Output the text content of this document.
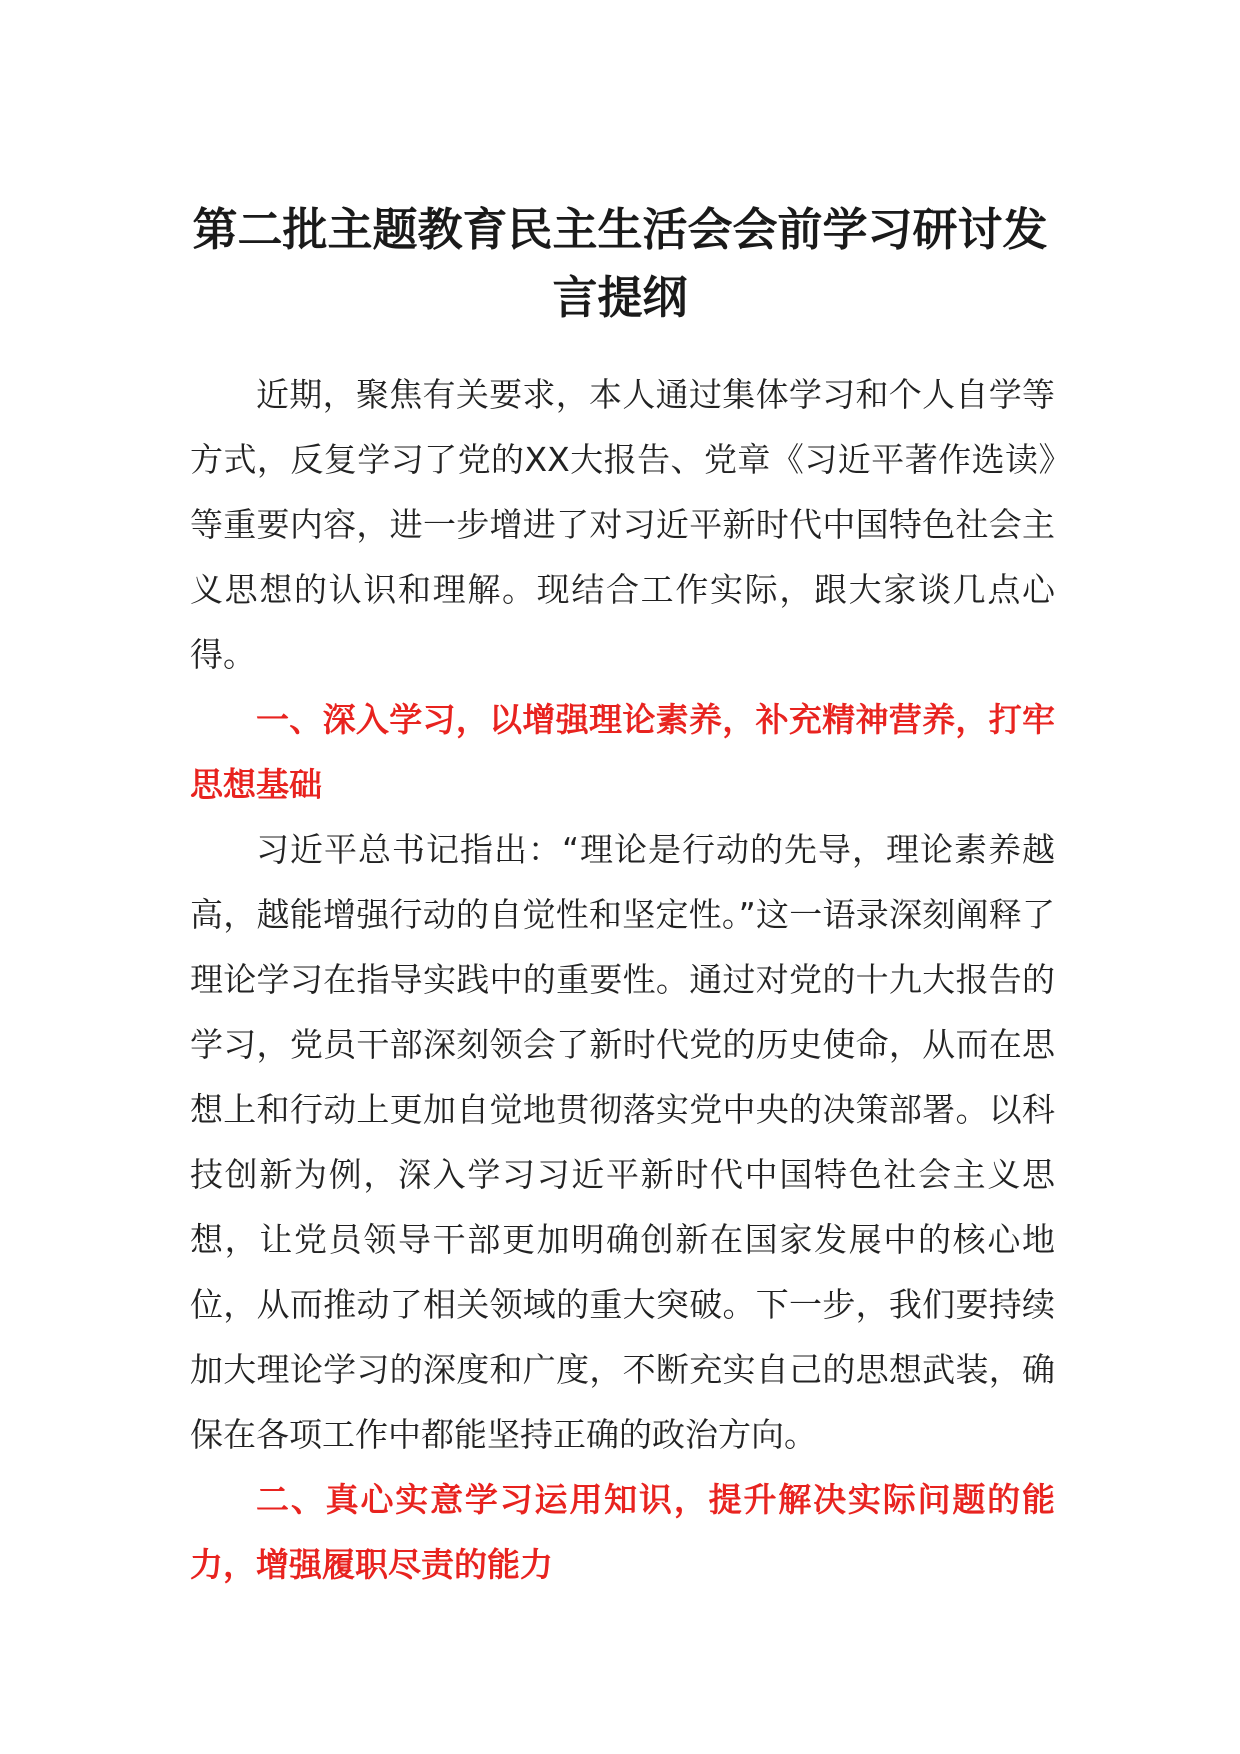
第二批主题教育民主生活会会前学习研讨发言提纲

近期，聚焦有关要求，本人通过集体学习和个人自学等方式，反复学习了党的XX大报告、党章《习近平著作选读》等重要内容，进一步增进了对习近平新时代中国特色社会主义思想的认识和理解。现结合工作实际，跟大家谈几点心得。

一、深入学习，以增强理论素养，补充精神营养，打牢思想基础

习近平总书记指出：“理论是行动的先导，理论素养越高，越能增强行动的自觉性和坚定性。”这一语录深刻阐释了理论学习在指导实践中的重要性。通过对党的十九大报告的学习，党员干部深刻领会了新时代党的历史使命，从而在思想上和行动上更加自觉地贯彻落实党中央的决策部署。以科技创新为例，深入学习习近平新时代中国特色社会主义思想，让党员领导干部更加明确创新在国家发展中的核心地位，从而推动了相关领域的重大突破。下一步，我们要持续加大理论学习的深度和广度，不断充实自己的思想武装，确保在各项工作中都能坚持正确的政治方向。

二、真心实意学习运用知识，提升解决实际问题的能力，增强履职尽责的能力
